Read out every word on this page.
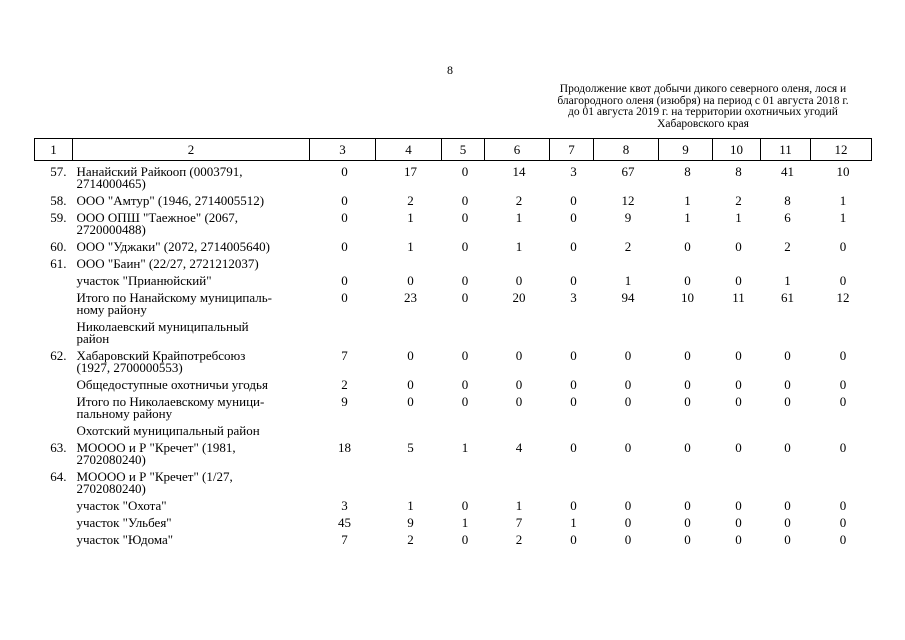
8
Продолжение квот добычи дикого северного оленя, лося и
благородного оленя (изюбря) на период с 01 августа 2018 г.
до 01 августа 2019 г. на территории охотничьих угодий
Хабаровского края
1	2	3	4	5	6	7	8	9	10	11	12
57.	Нанайский Райкооп (0003791,
2714000465)	0	17	0	14	3	67	8	8	41	10
58.	ООО "Амтур" (1946, 2714005512)	0	2	0	2	0	12	1	2	8	1
59.	ООО ОПШ "Таежное" (2067,
2720000488)	0	1	0	1	0	9	1	1	6	1
60.	ООО "Уджаки" (2072, 2714005640)	0	1	0	1	0	2	0	0	2	0
61.	ООО "Баин" (22/27, 2721212037)										

	участок "Прианюйский"	0	0	0	0	0	1	0	0	1	0

	Итого по Нанайскому муниципаль-
ному району	0	23	0	20	3	94	10	11	61	12

	Николаевский муниципальный
район										

62.	Хабаровский Крайпотребсоюз
(1927, 2700000553)	7	0	0	0	0	0	0	0	0	0

	Общедоступные охотничьи угодья	2	0	0	0	0	0	0	0	0	0

	Итого по Николаевскому муници-
пальному району	9	0	0	0	0	0	0	0	0	0

	Охотский муниципальный район										

63.	МОООО и Р "Кречет" (1981,
2702080240)	18	5	1	4	0	0	0	0	0	0
64.	МОООО и Р "Кречет" (1/27,
2702080240)										

	участок "Охота"	3	1	0	1	0	0	0	0	0	0

	участок "Ульбея"	45	9	1	7	1	0	0	0	0	0

	участок "Юдома"	7	2	0	2	0	0	0	0	0	0
